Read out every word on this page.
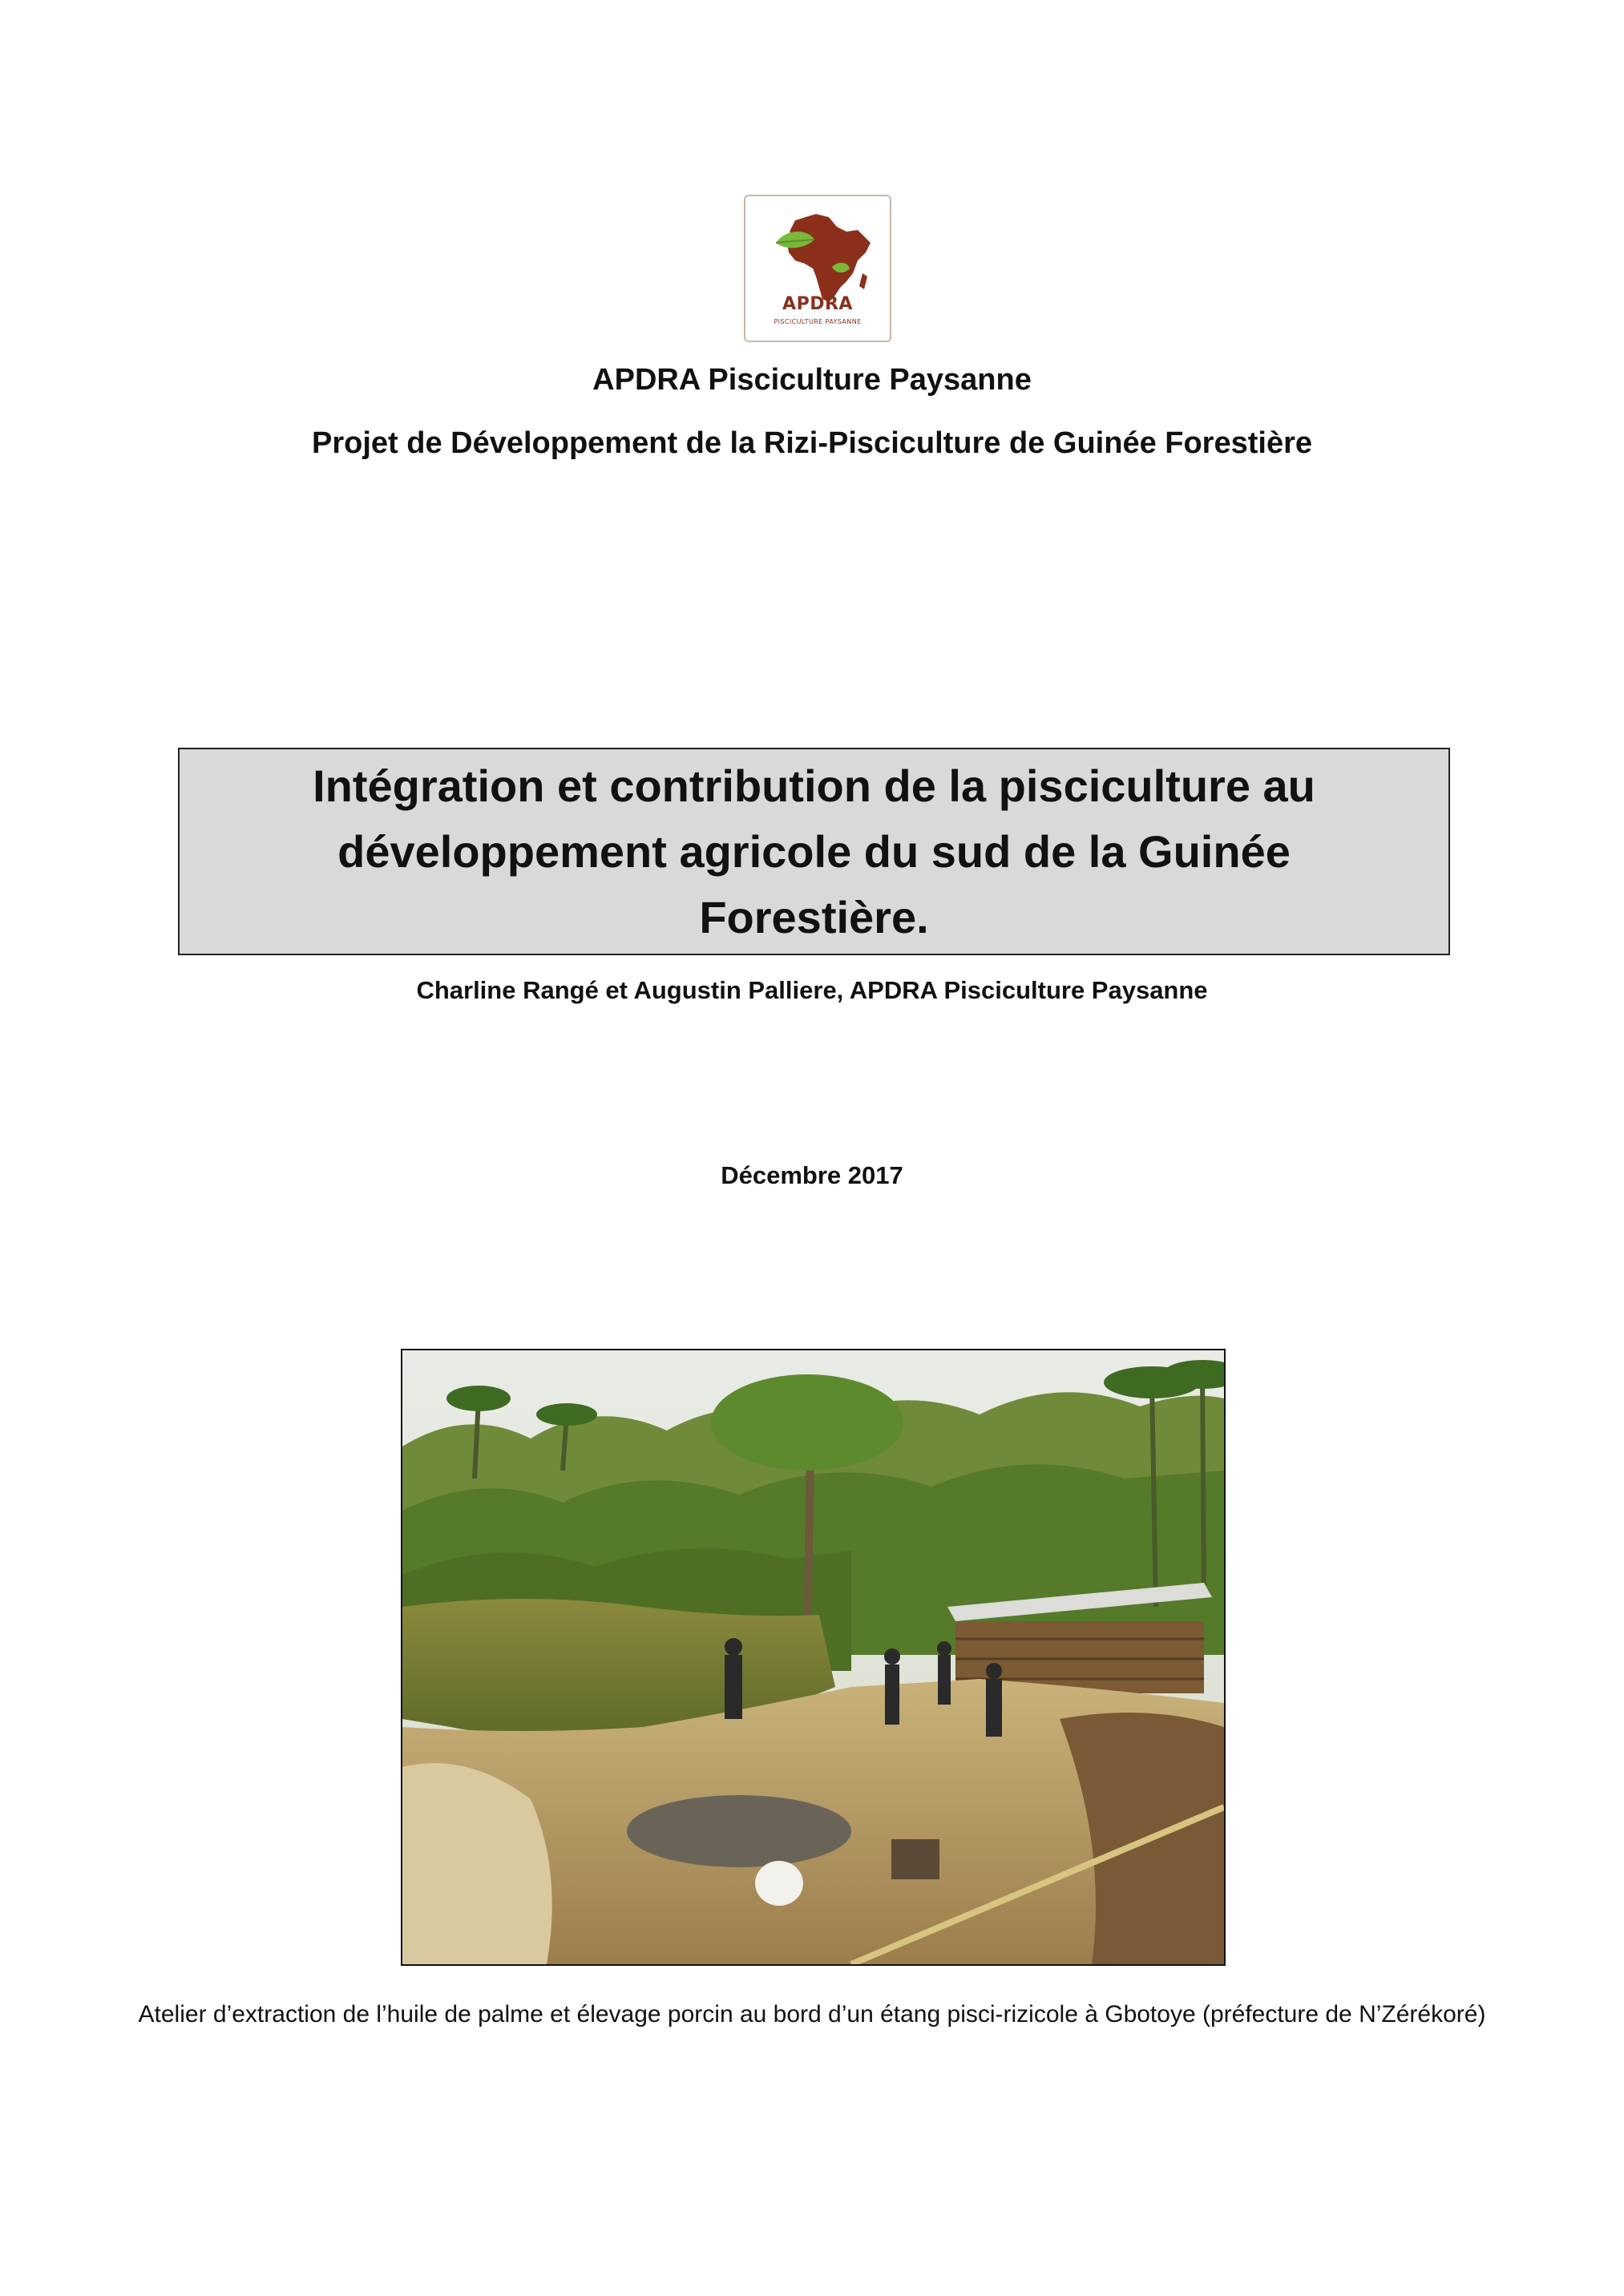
APDRA
PISCICULTURE PAYSANNE
APDRA Pisciculture Paysanne
Projet de Développement de la Rizi-Pisciculture de Guinée Forestière
Intégration et contribution de la pisciculture au développement agricole du sud de la Guinée Forestière.
Charline Rangé et Augustin Palliere, APDRA Pisciculture Paysanne
Décembre 2017
Atelier d’extraction de l’huile de palme et élevage porcin au bord d’un étang pisci-rizicole à Gbotoye (préfecture de N’Zérékoré)
